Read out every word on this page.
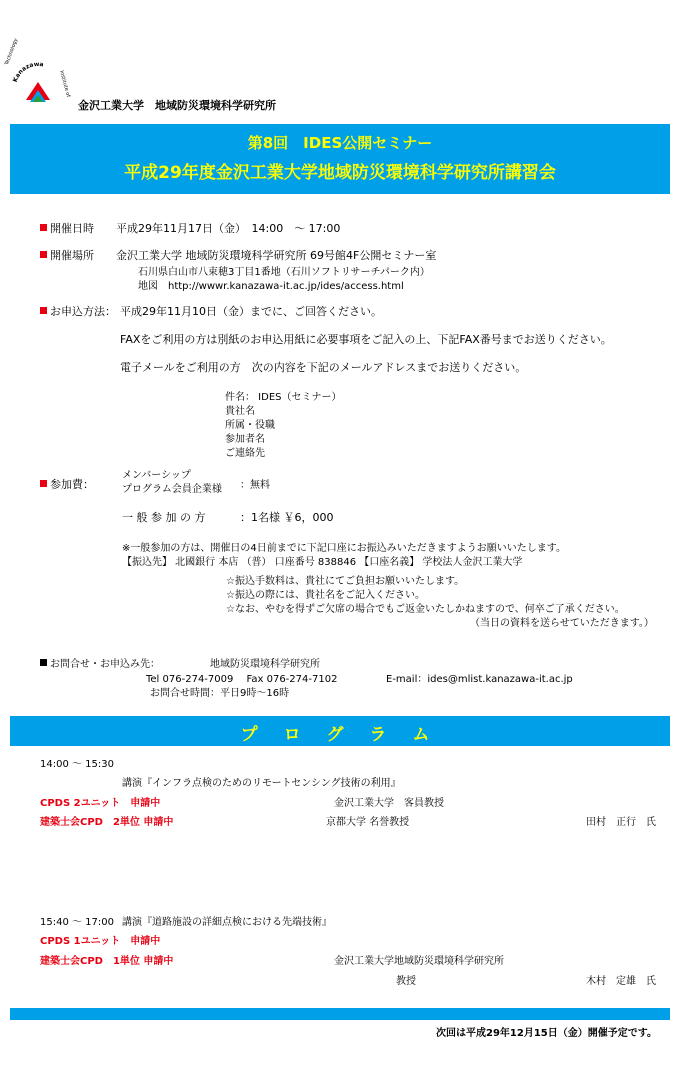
Kanazawa
Technology
Institute of
金沢工業大学　地域防災環境科学研究所
第8回　IDES公開セミナー
平成29年度金沢工業大学地域防災環境科学研究所講習会
開催日時 平成29年11月17日（金）　14:00　～ 17:00
開催場所 金沢工業大学 地域防災環境科学研究所 69号館4F公開セミナー室
石川県白山市八束穂3丁目1番地（石川ソフトリサーチパーク内）
地図　http://wwwr.kanazawa-it.ac.jp/ides/access.html
お申込方法： 平成29年11月10日（金）までに、ご回答ください。
FAXをご利用の方は別紙のお申込用紙に必要事項をご記入の上、下記FAX番号までお送りください。
電子メールをご利用の方　次の内容を下記のメールアドレスまでお送りください。
件名： IDES（セミナー）
貴社名
所属・役職
参加者名
ご連絡先
参加費：
メンバーシップ
プログラム会員企業様 ：無料
一 般 参 加 の 方	：1名様 ￥6，000
※一般参加の方は、開催日の4日前までに下記口座にお振込みいただきますようお願いいたします。
【振込先】 北國銀行 本店 （普） 口座番号 838846 【口座名義】 学校法人金沢工業大学
☆振込手数料は、貴社にてご負担お願いいたします。
☆振込の際には、貴社名をご記入ください。
☆なお、やむを得ずご欠席の場合でもご返金いたしかねますので、何卒ご了承ください。
（当日の資料を送らせていただきます。）
お問合せ・お申込み先：	地域防災環境科学研究所
Tel 076-274-7009　 Fax 076-274-7102	E-mail：ides@mlist.kanazawa-it.ac.jp
お問合せ時間：平日9時～16時
プ ロ グ ラ ム
14:00 ～ 15:30
講演『インフラ点検のためのリモートセンシング技術の利用』
CPDS 2ユニット　申請中	金沢工業大学　客員教授
建築士会CPD　2単位 申請中	京都大学 名誉教授	田村　正行　氏
15:40 ～ 17:00 講演『道路施設の詳細点検における先端技術』
CPDS 1ユニット　申請中
建築士会CPD　1単位 申請中	金沢工業大学地域防災環境科学研究所
教授	木村　定雄　氏
次回は平成29年12月15日（金）開催予定です。
